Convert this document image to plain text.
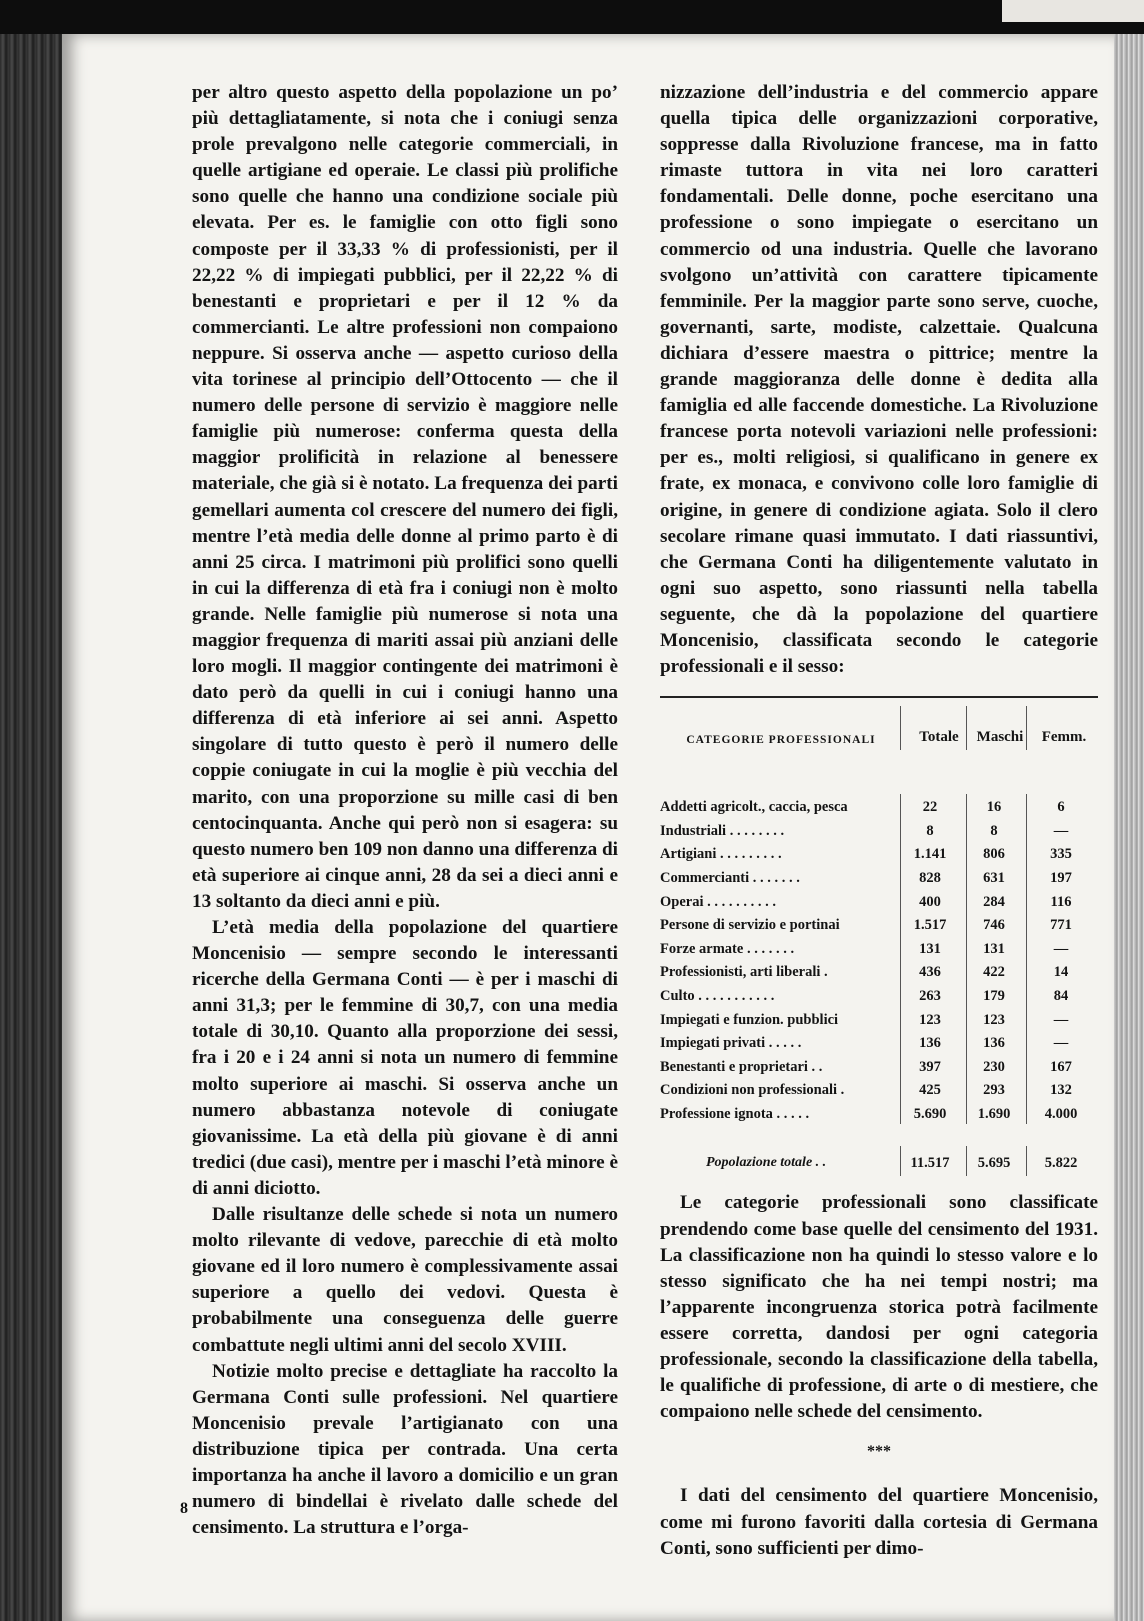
per altro questo aspetto della popolazione un po’ più dettagliatamente, si nota che i coniugi senza prole prevalgono nelle categorie commerciali, in quelle artigiane ed operaie. Le classi più prolifiche sono quelle che hanno una condizione sociale più elevata. Per es. le famiglie con otto figli sono composte per il 33,33 % di professionisti, per il 22,22 % di impiegati pubblici, per il 22,22 % di benestanti e proprietari e per il 12 % da commercianti. Le altre professioni non compaiono neppure. Si osserva anche — aspetto curioso della vita torinese al principio dell’Ottocento — che il numero delle persone di servizio è maggiore nelle famiglie più numerose: conferma questa della maggior prolificità in relazione al benessere materiale, che già si è notato. La frequenza dei parti gemellari aumenta col crescere del numero dei figli, mentre l’età media delle donne al primo parto è di anni 25 circa. I matrimoni più prolifici sono quelli in cui la differenza di età fra i coniugi non è molto grande. Nelle famiglie più numerose si nota una maggior frequenza di mariti assai più anziani delle loro mogli. Il maggior contingente dei matrimoni è dato però da quelli in cui i coniugi hanno una differenza di età inferiore ai sei anni. Aspetto singolare di tutto questo è però il numero delle coppie coniugate in cui la moglie è più vecchia del marito, con una proporzione su mille casi di ben centocinquanta. Anche qui però non si esagera: su questo numero ben 109 non danno una differenza di età superiore ai cinque anni, 28 da sei a dieci anni e 13 soltanto da dieci anni e più.

L’età media della popolazione del quartiere Moncenisio — sempre secondo le interessanti ricerche della Germana Conti — è per i maschi di anni 31,3; per le femmine di 30,7, con una media totale di 30,10. Quanto alla proporzione dei sessi, fra i 20 e i 24 anni si nota un numero di femmine molto superiore ai maschi. Si osserva anche un numero abbastanza notevole di coniugate giovanissime. La età della più giovane è di anni tredici (due casi), mentre per i maschi l’età minore è di anni diciotto.

Dalle risultanze delle schede si nota un numero molto rilevante di vedove, parecchie di età molto giovane ed il loro numero è complessivamente assai superiore a quello dei vedovi. Questa è probabilmente una conseguenza delle guerre combattute negli ultimi anni del secolo XVIII.

Notizie molto precise e dettagliate ha raccolto la Germana Conti sulle professioni. Nel quartiere Moncenisio prevale l’artigianato con una distribuzione tipica per contrada. Una certa importanza ha anche il lavoro a domicilio e un gran numero di bindellai è rivelato dalle schede del censimento. La struttura e l’orga-

nizzazione dell’industria e del commercio appare quella tipica delle organizzazioni corporative, soppresse dalla Rivoluzione francese, ma in fatto rimaste tuttora in vita nei loro caratteri fondamentali. Delle donne, poche esercitano una professione o sono impiegate o esercitano un commercio od una industria. Quelle che lavorano svolgono un’attività con carattere tipicamente femminile. Per la maggior parte sono serve, cuoche, governanti, sarte, modiste, calzettaie. Qualcuna dichiara d’essere maestra o pittrice; mentre la grande maggioranza delle donne è dedita alla famiglia ed alle faccende domestiche. La Rivoluzione francese porta notevoli variazioni nelle professioni: per es., molti religiosi, si qualificano in genere ex frate, ex monaca, e convivono colle loro famiglie di origine, in genere di condizione agiata. Solo il clero secolare rimane quasi immutato. I dati riassuntivi, che Germana Conti ha diligentemente valutato in ogni suo aspetto, sono riassunti nella tabella seguente, che dà la popolazione del quartiere Moncenisio, classificata secondo le categorie professionali e il sesso:

CATEGORIE PROFESSIONALI	Totale	Maschi	Femm.
Addetti agricolt., caccia, pesca	22	16	6
Industriali . . . . . . . .	8	8	—
Artigiani . . . . . . . . .	1.141	806	335
Commercianti . . . . . . .	828	631	197
Operai . . . . . . . . . .	400	284	116
Persone di servizio e portinai	1.517	746	771
Forze armate . . . . . . .	131	131	—
Professionisti, arti liberali .	436	422	14
Culto . . . . . . . . . . .	263	179	84
Impiegati e funzion. pubblici	123	123	—
Impiegati privati . . . . .	136	136	—
Benestanti e proprietari . .	397	230	167
Condizioni non professionali .	425	293	132
Professione ignota . . . . .	5.690	1.690	4.000
Popolazione totale . .	11.517	5.695	5.822

Le categorie professionali sono classificate prendendo come base quelle del censimento del 1931. La classificazione non ha quindi lo stesso valore e lo stesso significato che ha nei tempi nostri; ma l’apparente incongruenza storica potrà facilmente essere corretta, dandosi per ogni categoria professionale, secondo la classificazione della tabella, le qualifiche di professione, di arte o di mestiere, che compaiono nelle schede del censimento.

***

I dati del censimento del quartiere Moncenisio, come mi furono favoriti dalla cortesia di Germana Conti, sono sufficienti per dimo-

8
